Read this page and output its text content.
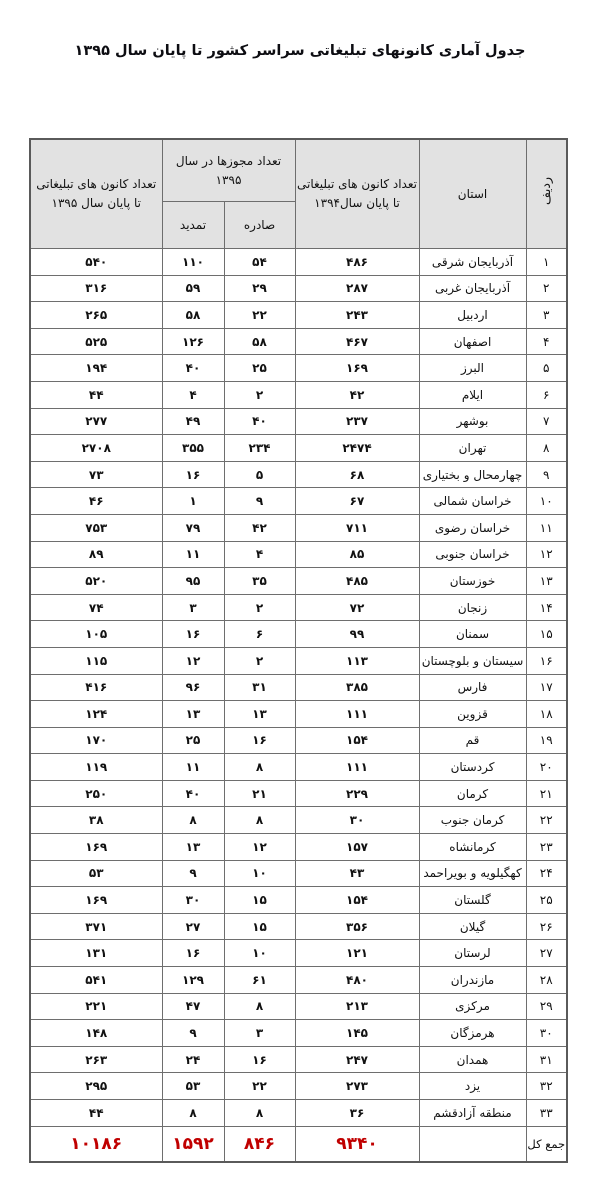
جدول آماری کانونهای تبلیغاتی سراسر کشور تا پایان سال ۱۳۹۵
ردیف	استان	تعداد کانون های تبلیغاتی تا پایان سال۱۳۹۴	تعداد مجوزها در سال ۱۳۹۵		تعداد کانون های تبلیغاتی تا پایان سال ۱۳۹۵
			صادره	تمدید	
۱	آذربایجان شرقی	۴۸۶	۵۴	۱۱۰	۵۴۰
۲	آذربایجان غربی	۲۸۷	۲۹	۵۹	۳۱۶
۳	اردبیل	۲۴۳	۲۲	۵۸	۲۶۵
۴	اصفهان	۴۶۷	۵۸	۱۲۶	۵۲۵
۵	البرز	۱۶۹	۲۵	۴۰	۱۹۴
۶	ایلام	۴۲	۲	۴	۴۴
۷	بوشهر	۲۳۷	۴۰	۴۹	۲۷۷
۸	تهران	۲۴۷۴	۲۳۴	۳۵۵	۲۷۰۸
۹	چهارمحال و بختیاری	۶۸	۵	۱۶	۷۳
۱۰	خراسان شمالی	۶۷	۹	۱	۴۶
۱۱	خراسان رضوی	۷۱۱	۴۲	۷۹	۷۵۳
۱۲	خراسان جنوبی	۸۵	۴	۱۱	۸۹
۱۳	خوزستان	۴۸۵	۳۵	۹۵	۵۲۰
۱۴	زنجان	۷۲	۲	۳	۷۴
۱۵	سمنان	۹۹	۶	۱۶	۱۰۵
۱۶	سیستان و بلوچستان	۱۱۳	۲	۱۲	۱۱۵
۱۷	فارس	۳۸۵	۳۱	۹۶	۴۱۶
۱۸	قزوین	۱۱۱	۱۳	۱۳	۱۲۴
۱۹	قم	۱۵۴	۱۶	۲۵	۱۷۰
۲۰	کردستان	۱۱۱	۸	۱۱	۱۱۹
۲۱	کرمان	۲۲۹	۲۱	۴۰	۲۵۰
۲۲	کرمان جنوب	۳۰	۸	۸	۳۸
۲۳	کرمانشاه	۱۵۷	۱۲	۱۳	۱۶۹
۲۴	کهگیلویه و بویراحمد	۴۳	۱۰	۹	۵۳
۲۵	گلستان	۱۵۴	۱۵	۳۰	۱۶۹
۲۶	گیلان	۳۵۶	۱۵	۲۷	۳۷۱
۲۷	لرستان	۱۲۱	۱۰	۱۶	۱۳۱
۲۸	مازندران	۴۸۰	۶۱	۱۲۹	۵۴۱
۲۹	مرکزی	۲۱۳	۸	۴۷	۲۲۱
۳۰	هرمزگان	۱۴۵	۳	۹	۱۴۸
۳۱	همدان	۲۴۷	۱۶	۲۴	۲۶۳
۳۲	یزد	۲۷۳	۲۲	۵۳	۲۹۵
۳۳	منطقه آزادقشم	۳۶	۸	۸	۴۴
جمع کل		۹۳۴۰	۸۴۶	۱۵۹۲	۱۰۱۸۶
